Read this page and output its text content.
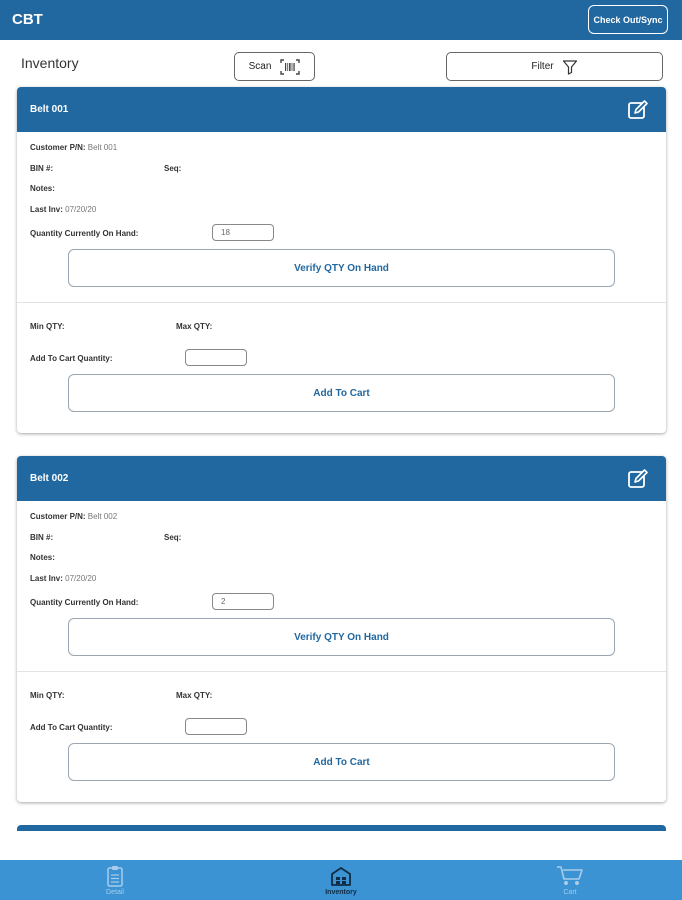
CBT	Check Out/Sync
Inventory	Scan	Filter
Belt 001
Customer P/N: Belt 001
BIN #:	Seq:
Notes:
Last Inv: 07/20/20
Quantity Currently On Hand:	18
Verify QTY On Hand
Min QTY:	Max QTY:
Add To Cart Quantity:
Add To Cart
Belt 002
Customer P/N: Belt 002
BIN #:	Seq:
Notes:
Last Inv: 07/20/20
Quantity Currently On Hand:	2
Verify QTY On Hand
Min QTY:	Max QTY:
Add To Cart Quantity:
Add To Cart
Detail	Inventory	Cart
